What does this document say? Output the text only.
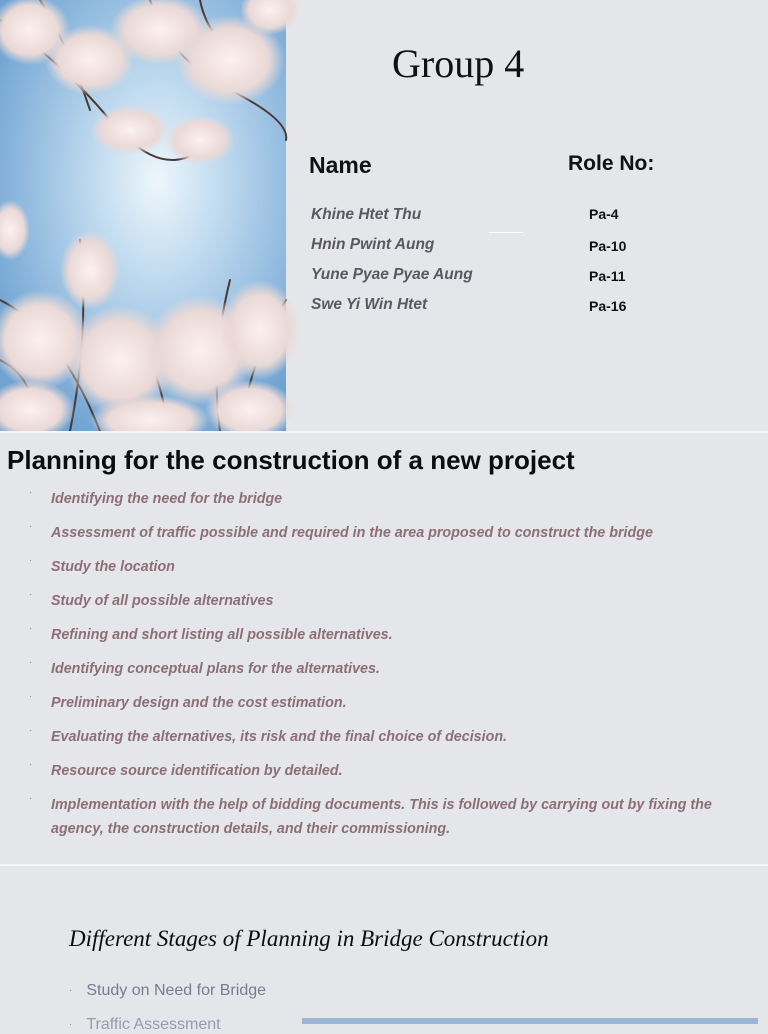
Group 4
Name	Role No:
Khine Htet Thu
Hnin Pwint Aung
Yune Pyae Pyae Aung
Swe Yi Win Htet
Pa-4
Pa-10
Pa-11
Pa-16
Planning for the construction of a new project
· Identifying the need for the bridge
· Assessment of traffic possible and required in the area proposed to construct the bridge
· Study the location
· Study of all possible alternatives
· Refining and short listing all possible alternatives.
· Identifying conceptual plans for the alternatives.
· Preliminary design and the cost estimation.
· Evaluating the alternatives, its risk and the final choice of decision.
· Resource source identification by detailed.
· Implementation with the help of bidding documents. This is followed by carrying out by fixing the agency, the construction details, and their commissioning.
Different Stages of Planning in Bridge Construction
· Study on Need for Bridge
· Traffic Assessment
